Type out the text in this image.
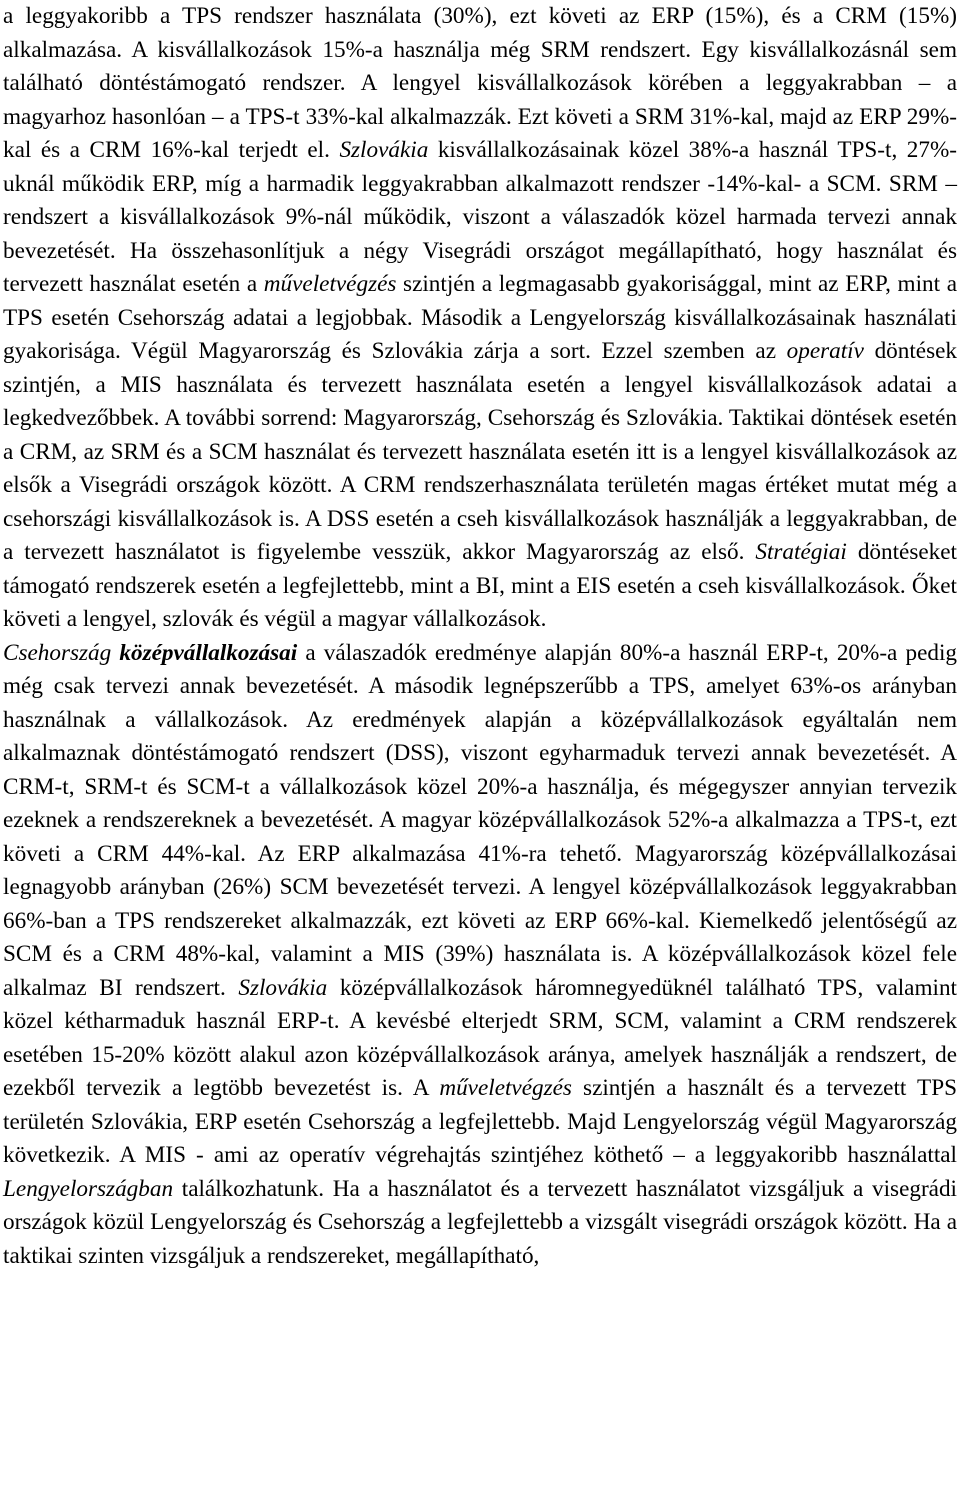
a leggyakoribb a TPS rendszer használata (30%), ezt követi az ERP (15%), és a CRM (15%) alkalmazása. A kisvállalkozások 15%-a használja még SRM rendszert. Egy kisvállalkozásnál sem található döntéstámogató rendszer. A lengyel kisvállalkozások körében a leggyakrabban – a magyarhoz hasonlóan – a TPS-t 33%-kal alkalmazzák. Ezt követi a SRM 31%-kal, majd az ERP 29%-kal és a CRM 16%-kal terjedt el. Szlovákia kisvállalkozásainak közel 38%-a használ TPS-t, 27%-uknál működik ERP, míg a harmadik leggyakrabban alkalmazott rendszer -14%-kal- a SCM. SRM – rendszert a kisvállalkozások 9%-nál működik, viszont a válaszadók közel harmada tervezi annak bevezetését. Ha összehasonlítjuk a négy Visegrádi országot megállapítható, hogy használat és tervezett használat esetén a műveletvégzés szintjén a legmagasabb gyakorisággal, mint az ERP, mint a TPS esetén Csehország adatai a legjobbak. Második a Lengyelország kisvállalkozásainak használati gyakorisága. Végül Magyarország és Szlovákia zárja a sort. Ezzel szemben az operatív döntések szintjén, a MIS használata és tervezett használata esetén a lengyel kisvállalkozások adatai a legkedvezőbbek. A további sorrend: Magyarország, Csehország és Szlovákia. Taktikai döntések esetén a CRM, az SRM és a SCM használat és tervezett használata esetén itt is a lengyel kisvállalkozások az elsők a Visegrádi országok között. A CRM rendszerhasználata területén magas értéket mutat még a csehországi kisvállalkozások is. A DSS esetén a cseh kisvállalkozások használják a leggyakrabban, de a tervezett használatot is figyelembe vesszük, akkor Magyarország az első. Stratégiai döntéseket támogató rendszerek esetén a legfejlettebb, mint a BI, mint a EIS esetén a cseh kisvállalkozások. Őket követi a lengyel, szlovák és végül a magyar vállalkozások.

Csehország középvállalkozásai a válaszadók eredménye alapján 80%-a használ ERP-t, 20%-a pedig még csak tervezi annak bevezetését. A második legnépszerűbb a TPS, amelyet 63%-os arányban használnak a vállalkozások. Az eredmények alapján a középvállalkozások egyáltalán nem alkalmaznak döntéstámogató rendszert (DSS), viszont egyharmaduk tervezi annak bevezetését. A CRM-t, SRM-t és SCM-t a vállalkozások közel 20%-a használja, és mégegyszer annyian tervezik ezeknek a rendszereknek a bevezetését. A magyar középvállalkozások 52%-a alkalmazza a TPS-t, ezt követi a CRM 44%-kal. Az ERP alkalmazása 41%-ra tehető. Magyarország középvállalkozásai legnagyobb arányban (26%) SCM bevezetését tervezi. A lengyel középvállalkozások leggyakrabban 66%-ban a TPS rendszereket alkalmazzák, ezt követi az ERP 66%-kal. Kiemelkedő jelentőségű az SCM és a CRM 48%-kal, valamint a MIS (39%) használata is. A középvállalkozások közel fele alkalmaz BI rendszert. Szlovákia középvállalkozások háromnegyedüknél található TPS, valamint közel kétharmaduk használ ERP-t. A kevésbé elterjedt SRM, SCM, valamint a CRM rendszerek esetében 15-20% között alakul azon középvállalkozások aránya, amelyek használják a rendszert, de ezekből tervezik a legtöbb bevezetést is. A műveletvégzés szintjén a használt és a tervezett TPS területén Szlovákia, ERP esetén Csehország a legfejlettebb. Majd Lengyelország végül Magyarország következik. A MIS - ami az operatív végrehajtás szintjéhez köthető – a leggyakoribb használattal Lengyelországban találkozhatunk. Ha a használatot és a tervezett használatot vizsgáljuk a visegrádi országok közül Lengyelország és Csehország a legfejlettebb a vizsgált visegrádi országok között. Ha a taktikai szinten vizsgáljuk a rendszereket, megállapítható,
